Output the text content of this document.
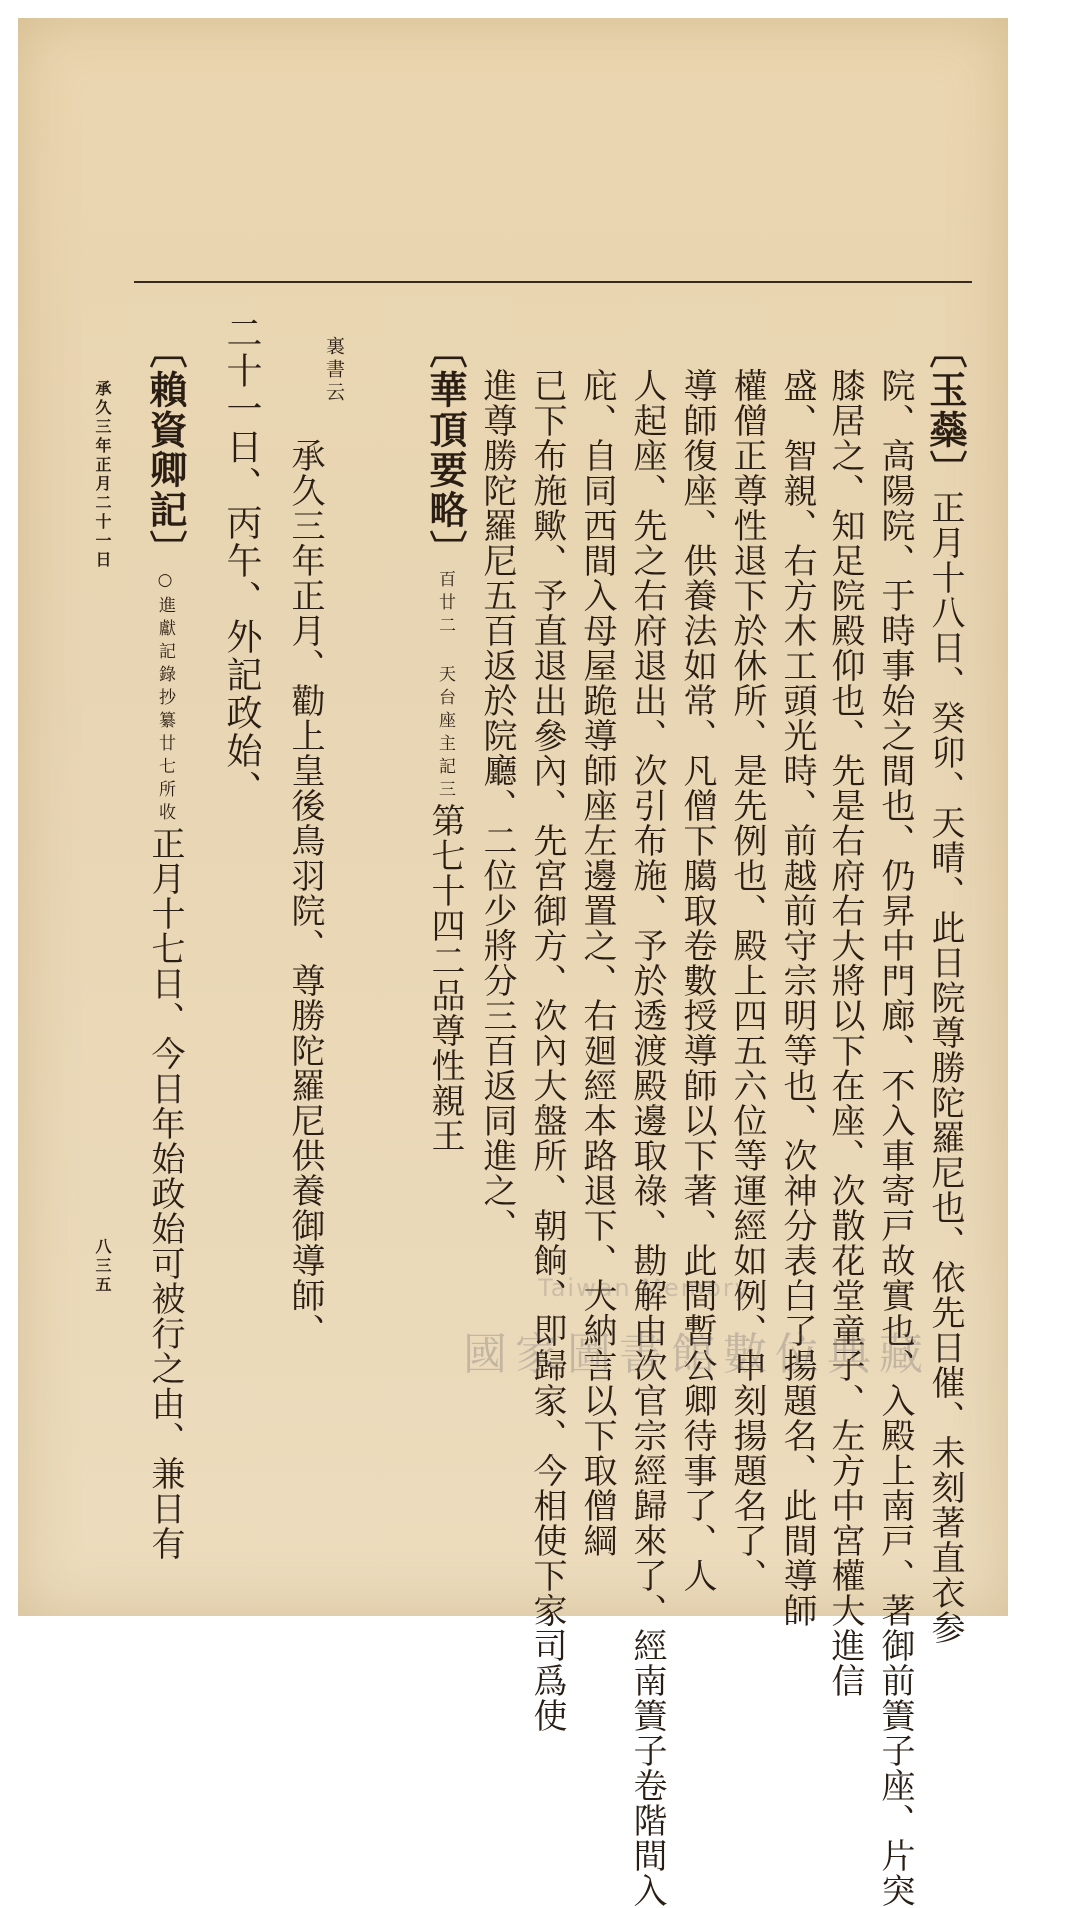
〔玉蘂〕正月十八日、癸卯、天晴、此日院尊勝陀羅尼也、依先日催、未刻著直衣参
院、高陽院、于時事始之間也、仍昇中門廊、不入車寄戸故實也、入殿上南戸、著御前簀子座、片突
膝居之、知足院殿仰也、先是右府右大將以下在座、次散花堂童子、左方中宮權大進信
盛、智親、右方木工頭光時、前越前守宗明等也、次神分表白了揚題名、此間導師
權僧正尊性退下於休所、是先例也、殿上四五六位等運經如例、申刻揚題名了、
導師復座、供養法如常、凡僧下臈取卷數授導師以下著、此間暫公卿待事了、人
人起座、先之右府退出、次引布施、予於透渡殿邊取祿、勘解由次官宗經歸來了、經南簀子卷階間入
庇、自同西間入母屋跪導師座左邊置之、右廻經本路退下、大納言以下取僧綱
已下布施歟、予直退出參內、先宮御方、次內大盤所、朝餉、即歸家、今相使下家司爲使
進尊勝陀羅尼五百返於院廳、二位少將分三百返同進之、
〔華頂要略〕百廿二 天台座主記三第七十四二品尊性親王
裏書云
承久三年正月、勸上皇後鳥羽院、尊勝陀羅尼供養御導師、
二十一日、丙午、外記政始、
〔賴資卿記〕○進獻記錄抄纂廿七所收正月十七日、今日年始政始可被行之由、兼日有
承久三年正月二十一日
八三五	Taiwan Memory
國家圖書館數位典藏
